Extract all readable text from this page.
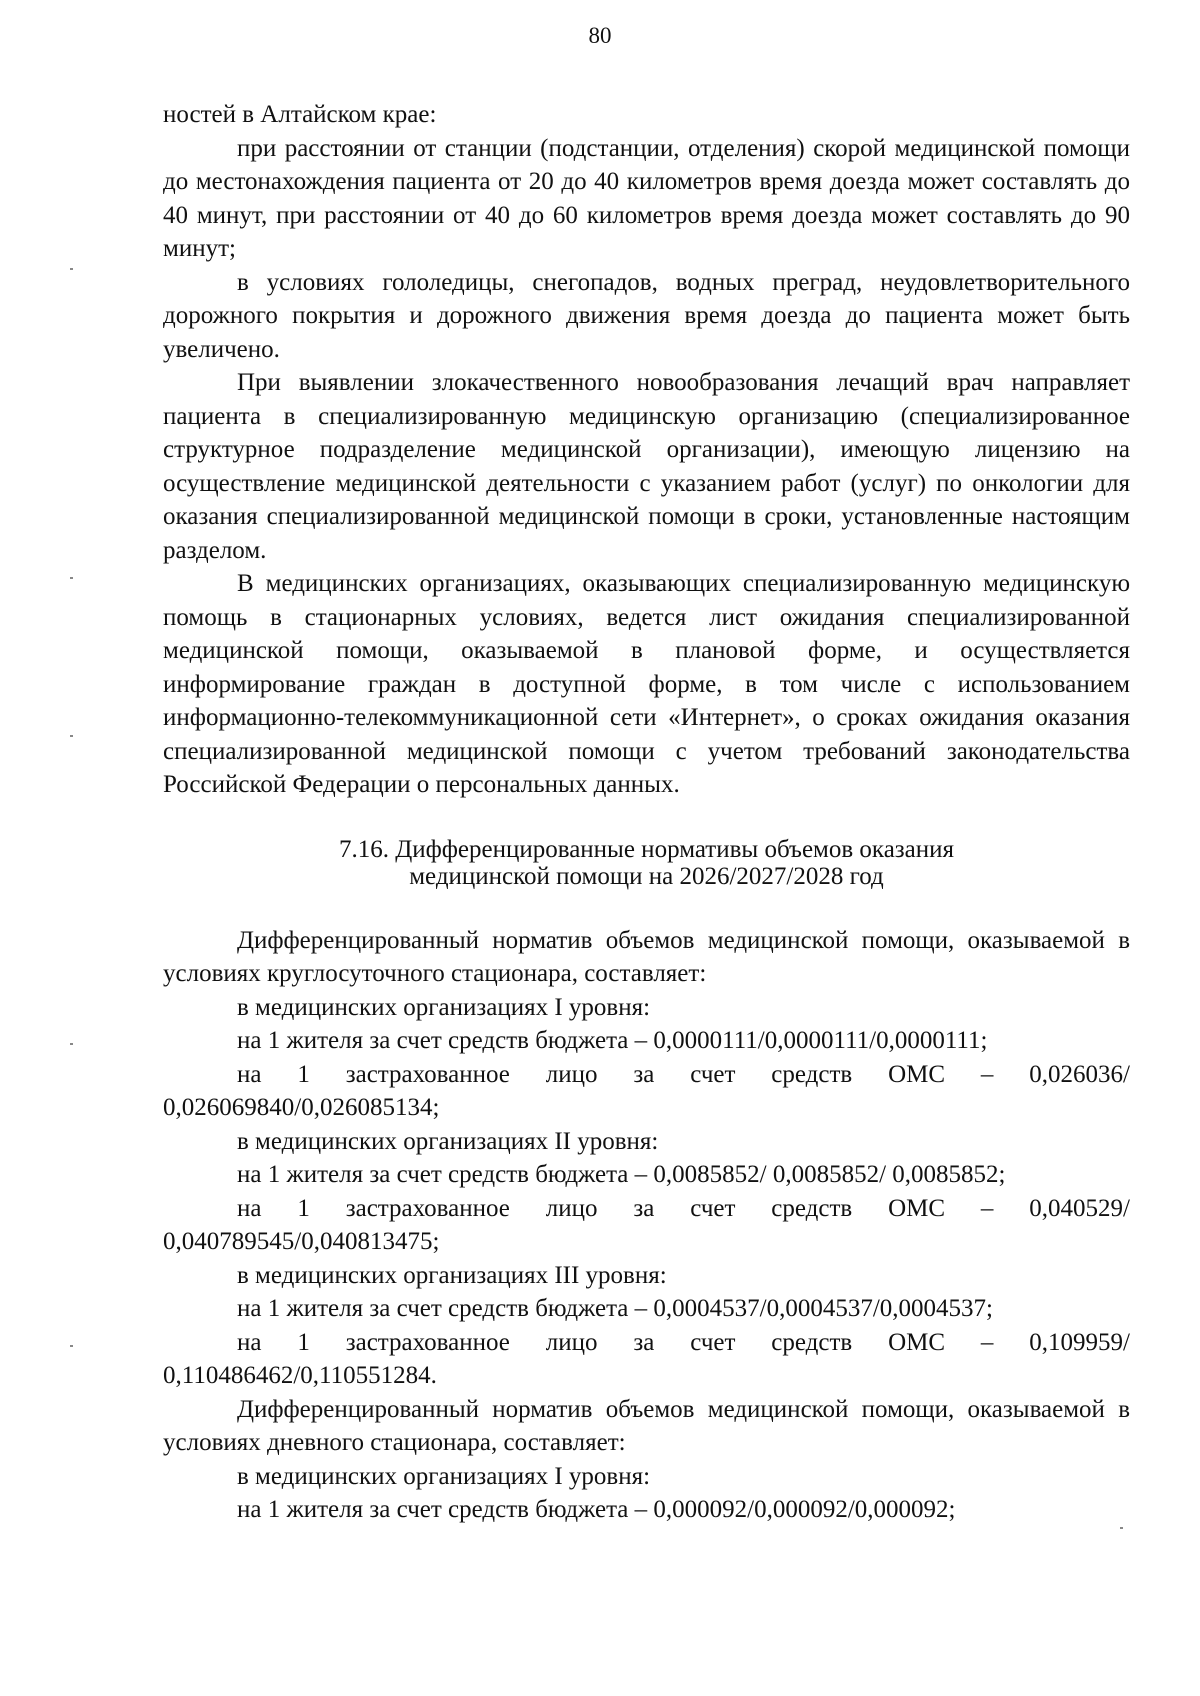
80

ностей в Алтайском крае:

при расстоянии от станции (подстанции, отделения) скорой медицинской помощи до местонахождения пациента от 20 до 40 километров время доезда может составлять до 40 минут, при расстоянии от 40 до 60 километров время доезда может составлять до 90 минут;

в условиях гололедицы, снегопадов, водных преград, неудовлетворительного дорожного покрытия и дорожного движения время доезда до пациента может быть увеличено.

При выявлении злокачественного новообразования лечащий врач направляет пациента в специализированную медицинскую организацию (специализированное структурное подразделение медицинской организации), имеющую лицензию на осуществление медицинской деятельности с указанием работ (услуг) по онкологии для оказания специализированной медицинской помощи в сроки, установленные настоящим разделом.

В медицинских организациях, оказывающих специализированную медицинскую помощь в стационарных условиях, ведется лист ожидания специализированной медицинской помощи, оказываемой в плановой форме, и осуществляется информирование граждан в доступной форме, в том числе с использованием информационно-телекоммуникационной сети «Интернет», о сроках ожидания оказания специализированной медицинской помощи с учетом требований законодательства Российской Федерации о персональных данных.

7.16. Дифференцированные нормативы объемов оказания
медицинской помощи на 2026/2027/2028 год

Дифференцированный норматив объемов медицинской помощи, оказываемой в условиях круглосуточного стационара, составляет:

в медицинских организациях I уровня:

на 1 жителя за счет средств бюджета – 0,0000111/0,0000111/0,0000111;

на 1 застрахованное лицо за счет средств ОМС – 0,026036/ 0,026069840/0,026085134;

в медицинских организациях II уровня:

на 1 жителя за счет средств бюджета – 0,0085852/ 0,0085852/ 0,0085852;

на 1 застрахованное лицо за счет средств ОМС – 0,040529/ 0,040789545/0,040813475;

в медицинских организациях III уровня:

на 1 жителя за счет средств бюджета – 0,0004537/0,0004537/0,0004537;

на 1 застрахованное лицо за счет средств ОМС – 0,109959/ 0,110486462/0,110551284.

Дифференцированный норматив объемов медицинской помощи, оказываемой в условиях дневного стационара, составляет:

в медицинских организациях I уровня:

на 1 жителя за счет средств бюджета – 0,000092/0,000092/0,000092;
